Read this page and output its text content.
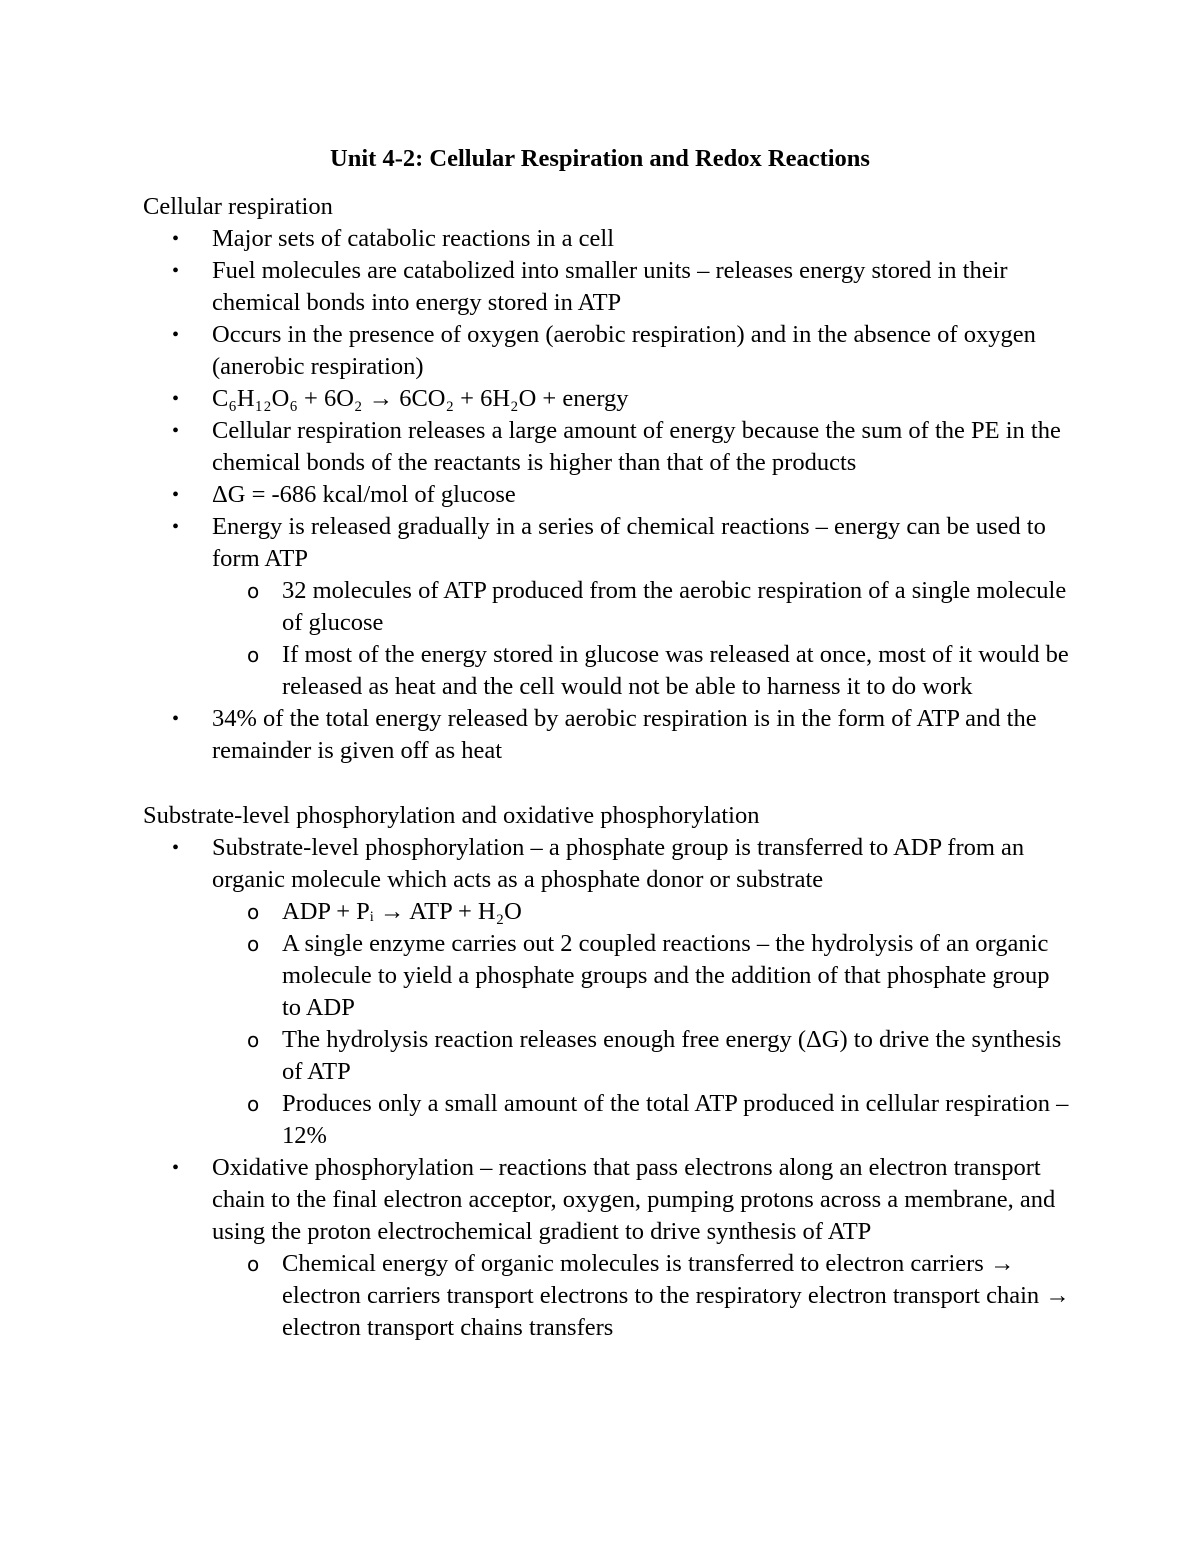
Unit 4-2: Cellular Respiration and Redox Reactions
Cellular respiration
• Major sets of catabolic reactions in a cell
• Fuel molecules are catabolized into smaller units – releases energy stored in their chemical bonds into energy stored in ATP
• Occurs in the presence of oxygen (aerobic respiration) and in the absence of oxygen (anerobic respiration)
• C₆H₁₂O₆ + 6O₂ → 6CO₂ + 6H₂O + energy
• Cellular respiration releases a large amount of energy because the sum of the PE in the chemical bonds of the reactants is higher than that of the products
• ΔG = -686 kcal/mol of glucose
• Energy is released gradually in a series of chemical reactions – energy can be used to form ATP
o 32 molecules of ATP produced from the aerobic respiration of a single molecule of glucose
o If most of the energy stored in glucose was released at once, most of it would be released as heat and the cell would not be able to harness it to do work
• 34% of the total energy released by aerobic respiration is in the form of ATP and the remainder is given off as heat
Substrate-level phosphorylation and oxidative phosphorylation
• Substrate-level phosphorylation – a phosphate group is transferred to ADP from an organic molecule which acts as a phosphate donor or substrate
o ADP + Pᵢ → ATP + H₂O
o A single enzyme carries out 2 coupled reactions – the hydrolysis of an organic molecule to yield a phosphate groups and the addition of that phosphate group to ADP
o The hydrolysis reaction releases enough free energy (ΔG) to drive the synthesis of ATP
o Produces only a small amount of the total ATP produced in cellular respiration – 12%
• Oxidative phosphorylation – reactions that pass electrons along an electron transport chain to the final electron acceptor, oxygen, pumping protons across a membrane, and using the proton electrochemical gradient to drive synthesis of ATP
o Chemical energy of organic molecules is transferred to electron carriers → electron carriers transport electrons to the respiratory electron transport chain → electron transport chains transfers
